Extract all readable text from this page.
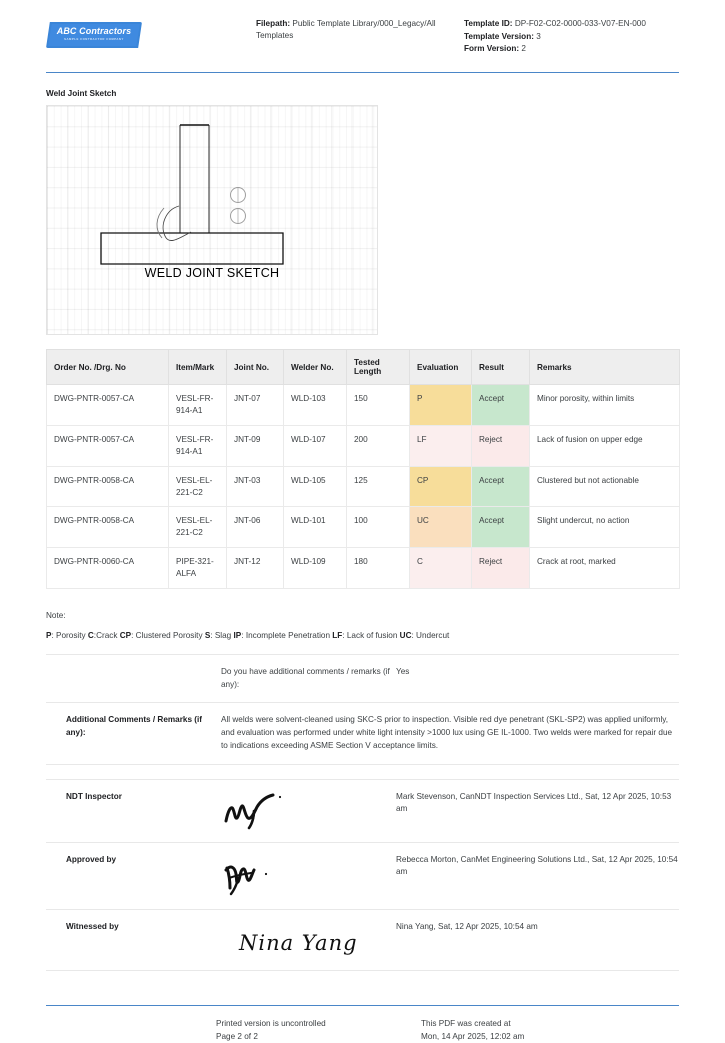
ABC Contractors
SAMPLE CONTRACTOR COMPANY
Filepath: Public Template Library/000_Legacy/All Templates
Template ID: DP-F02-C02-0000-033-V07-EN-000
Template Version: 3
Form Version: 2
Weld Joint Sketch
WELD JOINT SKETCH
Order No. /Drg. No	Item/Mark	Joint No.	Welder No.	Tested Length	Evaluation	Result	Remarks
DWG-PNTR-0057-CA	VESL-FR-914-A1	JNT-07	WLD-103	150	P	Accept	Minor porosity, within limits
DWG-PNTR-0057-CA	VESL-FR-914-A1	JNT-09	WLD-107	200	LF	Reject	Lack of fusion on upper edge
DWG-PNTR-0058-CA	VESL-EL-221-C2	JNT-03	WLD-105	125	CP	Accept	Clustered but not actionable
DWG-PNTR-0058-CA	VESL-EL-221-C2	JNT-06	WLD-101	100	UC	Accept	Slight undercut, no action
DWG-PNTR-0060-CA	PIPE-321-ALFA	JNT-12	WLD-109	180	C	Reject	Crack at root, marked
Note:
P: Porosity C:Crack CP: Clustered Porosity S: Slag IP: Incomplete Penetration LF: Lack of fusion UC: Undercut
	Do you have additional comments / remarks (if any):	Yes
Additional Comments / Remarks (if any):	All welds were solvent-cleaned using SKC-S prior to inspection. Visible red dye penetrant (SKL-SP2) was applied uniformly, and evaluation was performed under white light intensity >1000 lux using GE IL-1000. Two welds were marked for repair due to indications exceeding ASME Section V acceptance limits.	
NDT Inspector		Mark Stevenson, CanNDT Inspection Services Ltd., Sat, 12 Apr 2025, 10:53 am
Approved by		Rebecca Morton, CanMet Engineering Solutions Ltd., Sat, 12 Apr 2025, 10:54 am
Witnessed by	Nina Yang	Nina Yang, Sat, 12 Apr 2025, 10:54 am
Printed version is uncontrolled
Page 2 of 2
This PDF was created at
Mon, 14 Apr 2025, 12:02 am
